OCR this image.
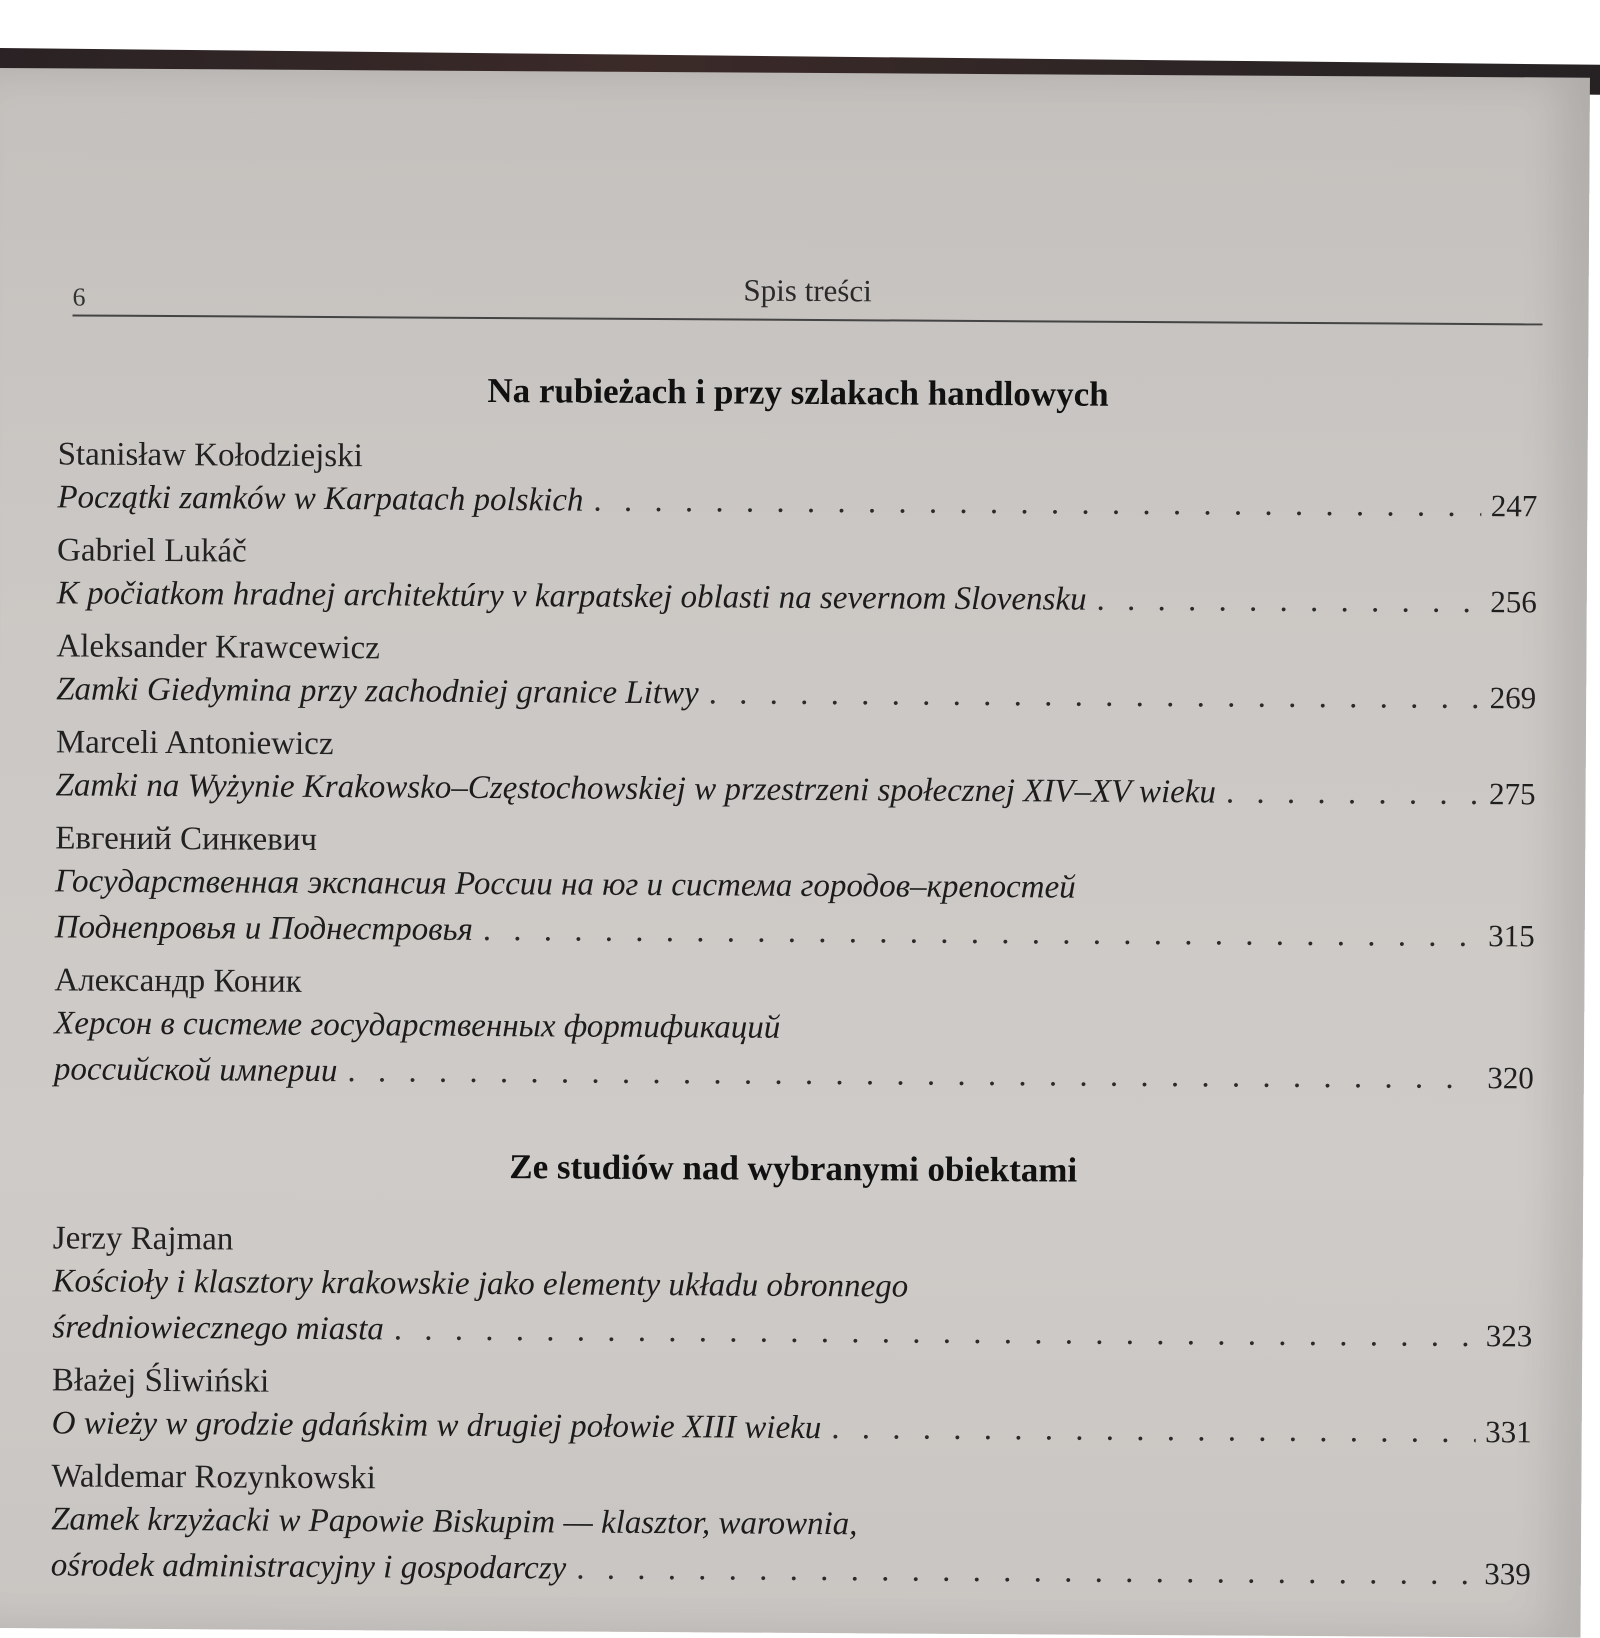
6	Spis treści
Na rubieżach i przy szlakach handlowych
Stanisław Kołodziejski
Początki zamków w Karpatach polskich . . .	247
Gabriel Lukáč
K počiatkom hradnej architektúry v karpatskej oblasti na severnom Slovensku . . .	256
Aleksander Krawcewicz
Zamki Giedymina przy zachodniej granice Litwy . . .	269
Marceli Antoniewicz
Zamki na Wyżynie Krakowsko–Częstochowskiej w przestrzeni społecznej XIV–XV wieku . . .	275
Евгений Синкевич
Государственная экспансия России на юг и система городов–крепостей
Поднепровья и Поднестровья . . .	315
Александр Коник
Херсон в системе государственных фортификаций
российской империи . . .	320
Ze studiów nad wybranymi obiektami
Jerzy Rajman
Kościoły i klasztory krakowskie jako elementy układu obronnego
średniowiecznego miasta . . .	323
Błażej Śliwiński
O wieży w grodzie gdańskim w drugiej połowie XIII wieku . . .	331
Waldemar Rozynkowski
Zamek krzyżacki w Papowie Biskupim — klasztor, warownia,
ośrodek administracyjny i gospodarczy . . .	339
